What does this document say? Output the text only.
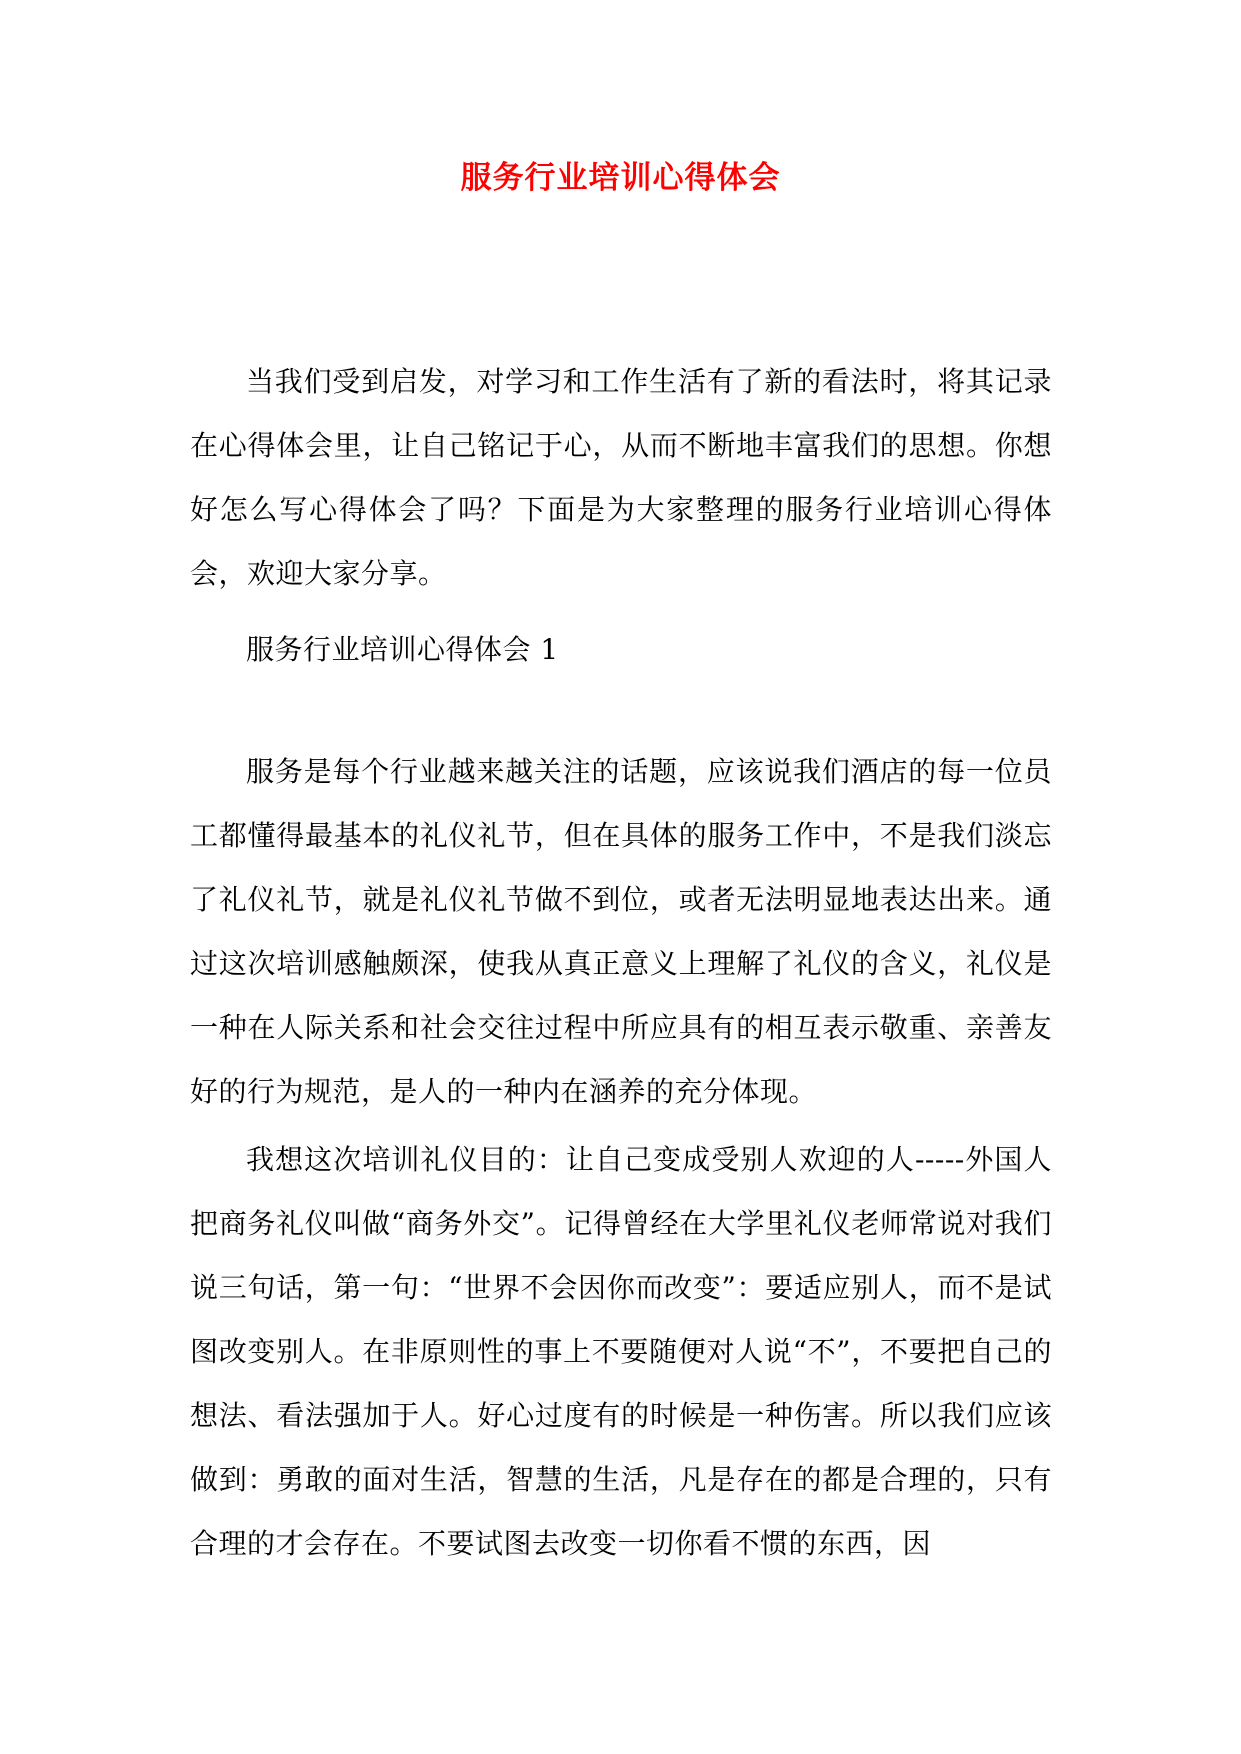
服务行业培训心得体会

当我们受到启发，对学习和工作生活有了新的看法时，将其记录在心得体会里，让自己铭记于心，从而不断地丰富我们的思想。你想好怎么写心得体会了吗？下面是为大家整理的服务行业培训心得体会，欢迎大家分享。

服务行业培训心得体会 1

服务是每个行业越来越关注的话题，应该说我们酒店的每一位员工都懂得最基本的礼仪礼节，但在具体的服务工作中，不是我们淡忘了礼仪礼节，就是礼仪礼节做不到位，或者无法明显地表达出来。通过这次培训感触颇深，使我从真正意义上理解了礼仪的含义，礼仪是一种在人际关系和社会交往过程中所应具有的相互表示敬重、亲善友好的行为规范，是人的一种内在涵养的充分体现。

我想这次培训礼仪目的：让自己变成受别人欢迎的人-----外国人把商务礼仪叫做“商务外交”。记得曾经在大学里礼仪老师常说对我们说三句话，第一句：“世界不会因你而改变”：要适应别人，而不是试图改变别人。在非原则性的事上不要随便对人说“不”，不要把自己的想法、看法强加于人。好心过度有的时候是一种伤害。所以我们应该做到：勇敢的面对生活，智慧的生活，凡是存在的都是合理的，只有合理的才会存在。不要试图去改变一切你看不惯的东西，因
